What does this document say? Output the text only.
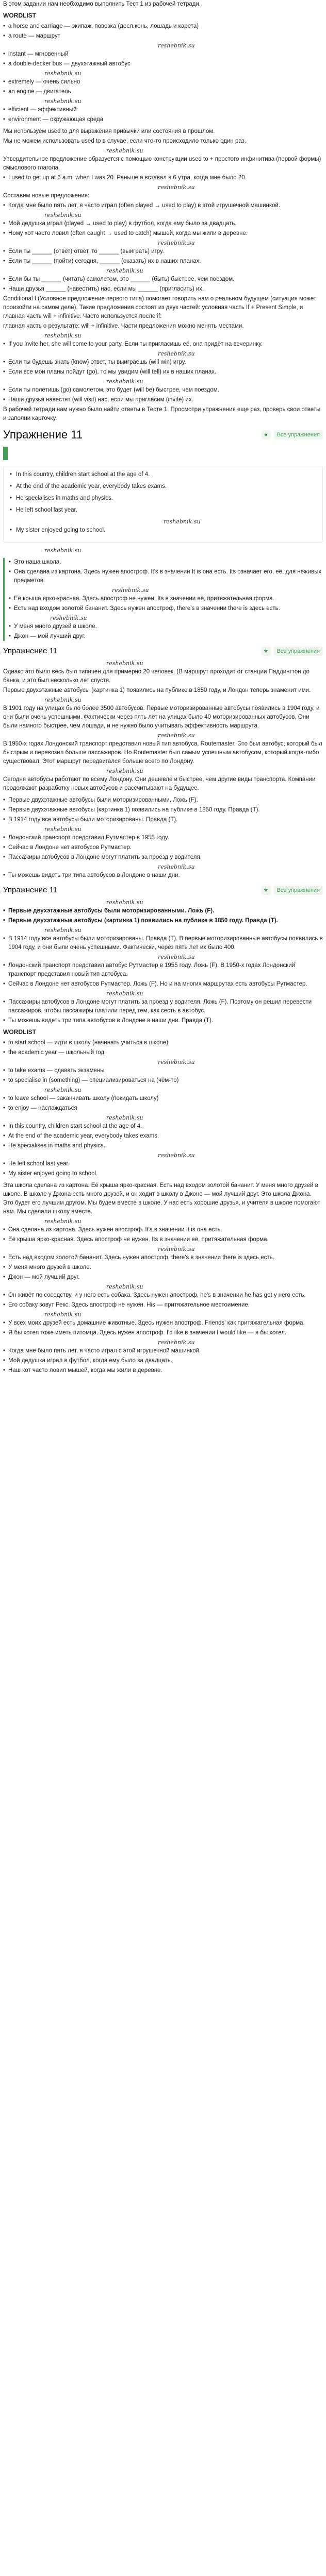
В этом задании нам необходимо выполнить Тест 1 из рабочей тетради.

WORDLIST
• a horse and carriage — экипаж, повозка (досл.конь, лошадь и карета)
• a route — маршрут
reshebnik.su
• instant — мгновенный
• a double-decker bus — двухэтажный автобус
reshebnik.su
• extremely — очень сильно
• an engine — двигатель
reshebnik.su
• efficient — эффективный
• environment — окружающая среда

Мы используем used to для выражения привычки или состояния в прошлом.

Мы не можем использовать used to в случае, если что-то происходило только один раз.

reshebnik.su

Утвердительное предложение образуется с помощью конструкции used to + простого инфинитива (первой формы) смыслового глагола.

• I used to get up at 6 a.m. when I was 20. Раньше я вставал в 6 утра, когда мне было 20.
reshebnik.su

Составим новые предложения:

• Когда мне было пять лет, я часто играл (often played → used to play) в этой игрушечной машинкой.
reshebnik.su
• Мой дедушка играл (played → used to play) в футбол, когда ему было за двадцать.
• Ному хот часто ловил (often caught → used to catch) мышей, когда мы жили в деревне.
reshebnik.su
• Если ты ______ (ответ) ответ, то ______ (выиграть) игру.
• Если ты ______ (пойти) сегодня, ______ (оказать) их в наших планах.
reshebnik.su
• Если бы ты ______ (читать) самолетом, это ______ (быть) быстрее, чем поездом.
• Наши друзья ______ (навестить) нас, если мы ______ (пригласить) их.

Conditional I (Условное предложение первого типа) помогает говорить нам о реальном будущем (ситуация может произойти на самом деле). Такие предложения состоят из двух частей: условная часть If + Present Simple, и главная часть will + infinitive. Часто используется после if:

главная часть о результате: will + infinitive. Части предложения можно менять местами.

reshebnik.su
• If you invite her, she will come to your party. Если ты пригласишь её, она придёт на вечеринку.
reshebnik.su
• Если ты будешь знать (know) ответ, ты выиграешь (will win) игру.
• Если все мои планы пойдут (go), то мы увидим (will tell) их в наших планах.
reshebnik.su
• Если ты полетишь (go) самолетом, это будет (will be) быстрее, чем поездом.
• Наши друзья навестят (will visit) нас, если мы пригласим (invite) их.

В рабочей тетради нам нужно было найти ответы в Тесте 1. Просмотри упражнения еще раз, проверь свои ответы и заполни карточку.

Упражнение 11	★	Все упражнения
• In this country, children start school at the age of 4.
• At the end of the academic year, everybody takes exams.
• He specialises in maths and physics.
• He left school last year.
reshebnik.su
• My sister enjoyed going to school.
reshebnik.su
• Это наша школа.
• Она сделана из картона. Здесь нужен апостроф. It's в значении It is она есть. Its означает его, её, для неживых предметов.
reshebnik.su
• Её крыша ярко-красная. Здесь апостроф не нужен. Its в значении её, притяжательная форма.
• Есть над входом золотой бананит. Здесь нужен апостроф, there's в значении there is здесь есть.
reshebnik.su
• У меня много друзей в школе.
• Джон — мой лучший друг.
Упражнение 11	★	Все упражнения
reshebnik.su

Однако это было весь был типичен для примерно 20 человек. (В маршрут проходит от станции Паддингтон до банка, и это был несколько лет спустя.

Первые двухэтажные автобусы (картинка 1) появились на публике в 1850 году, и Лондон теперь знаменит ими.

reshebnik.su

В 1901 году на улицах было более 3500 автобусов. Первые моторизированные автобусы появились в 1904 году, и они были очень успешными. Фактически через пять лет на улицах было 40 моторизированных автобусов. Они были намного быстрее, чем лошади, и не нужно было учитывать эффективность маршрута.

reshebnik.su

В 1950-х годах Лондонский транспорт представил новый тип автобуса, Routemaster. Это был автобус, который был быстрым и перевозил больше пассажиров. Но Routemaster был самым успешным автобусом, который когда-либо существовал. Этот маршрут передвигался больше всего по Лондону.

reshebnik.su

Сегодня автобусы работают по всему Лондону. Они дешевле и быстрее, чем другие виды транспорта. Компании продолжают разработку новых автобусов и рассчитывают на будущее.

• Первые двухэтажные автобусы были моторизированными. Ложь (F).
• Первые двухэтажные автобусы (картинка 1) появились на публике в 1850 году. Правда (Т).
• В 1914 году все автобусы были моторизированы. Правда (Т).
reshebnik.su
• Лондонский транспорт представил Рутмастер в 1955 году.
• Сейчас в Лондоне нет автобусов Рутмастер.
• Пассажиры автобусов в Лондоне могут платить за проезд у водителя.
reshebnik.su
• Ты можешь видеть три типа автобусов в Лондоне в наши дни.
Упражнение 11	★	Все упражнения
reshebnik.su
• Первые двухэтажные автобусы были моторизированными. Ложь (F).
• Первые двухэтажные автобусы (картинка 1) появились на публике в 1850 году. Правда (Т).
reshebnik.su
• В 1914 году все автобусы были моторизированы. Правда (Т). В первые моторизированные автобусы появились в 1904 году, и они были очень успешными. Фактически, через пять лет их было 400.
reshebnik.su
• Лондонский транспорт представил автобус Рутмастер в 1955 году. Ложь (F). В 1950-х годах Лондонский транспорт представил новый тип автобуса.
• Сейчас в Лондоне нет автобусов Рутмастер. Ложь (F). Но и на многих маршрутах есть автобусы Рутмастер.
reshebnik.su
• Пассажиры автобусов в Лондоне могут платить за проезд у водителя. Ложь (F). Поэтому он решил перевести пассажиров, чтобы пассажиры платили перед тем, как сесть в автобус.
• Ты можешь видеть три типа автобусов в Лондоне в наши дни. Правда (Т).
WORDLIST
• to start school — идти в школу (начинать учиться в школе)
• the academic year — школьный год
reshebnik.su
• to take exams — сдавать экзамены
• to specialise in (something) — специализироваться на (чём-то)
reshebnik.su
• to leave school — заканчивать школу (покидать школу)
• to enjoy — наслаждаться
reshebnik.su
• In this country, children start school at the age of 4.
• At the end of the academic year, everybody takes exams.
• He specialises in maths and physics.
reshebnik.su
• He left school last year.
• My sister enjoyed going to school.

Эта школа сделана из картона. Её крыша ярко-красная. Есть над входом золотой бананит. У меня много друзей в школе. В школе у Джона есть много друзей, и он ходит в школу в Джоне — мой лучший друг. Это школа Джона. Это будет его лучшим другом. Мы будем вместе в школе. У нас есть хорошие друзья, и учителя в школе помогают нам. Мы сделали школу вместе.

reshebnik.su
• Она сделана из картона. Здесь нужен апостроф. It's в значении It is она есть.
• Её крыша ярко-красная. Здесь апостроф не нужен. Its в значении её, притяжательная форма.
reshebnik.su
• Есть над входом золотой бананит. Здесь нужен апостроф, there's в значении there is здесь есть.
• У меня много друзей в школе.
• Джон — мой лучший друг.
reshebnik.su
• Он живёт по соседству, и у него есть собака. Здесь нужен апостроф, he's в значении he has got у него есть.
• Его собаку зовут Рекс. Здесь апостроф не нужен. His — притяжательное местоимение.
reshebnik.su
• У всех моих друзей есть домашние животные. Здесь нужен апостроф. Friends' как притяжательная форма.
• Я бы хотел тоже иметь питомца. Здесь нужен апостроф. I'd like в значении I would like — я бы хотел.
reshebnik.su
• Когда мне было пять лет, я часто играл с этой игрушечной машинкой.
• Мой дедушка играл в футбол, когда ему было за двадцать.
• Наш кот часто ловил мышей, когда мы жили в деревне.
